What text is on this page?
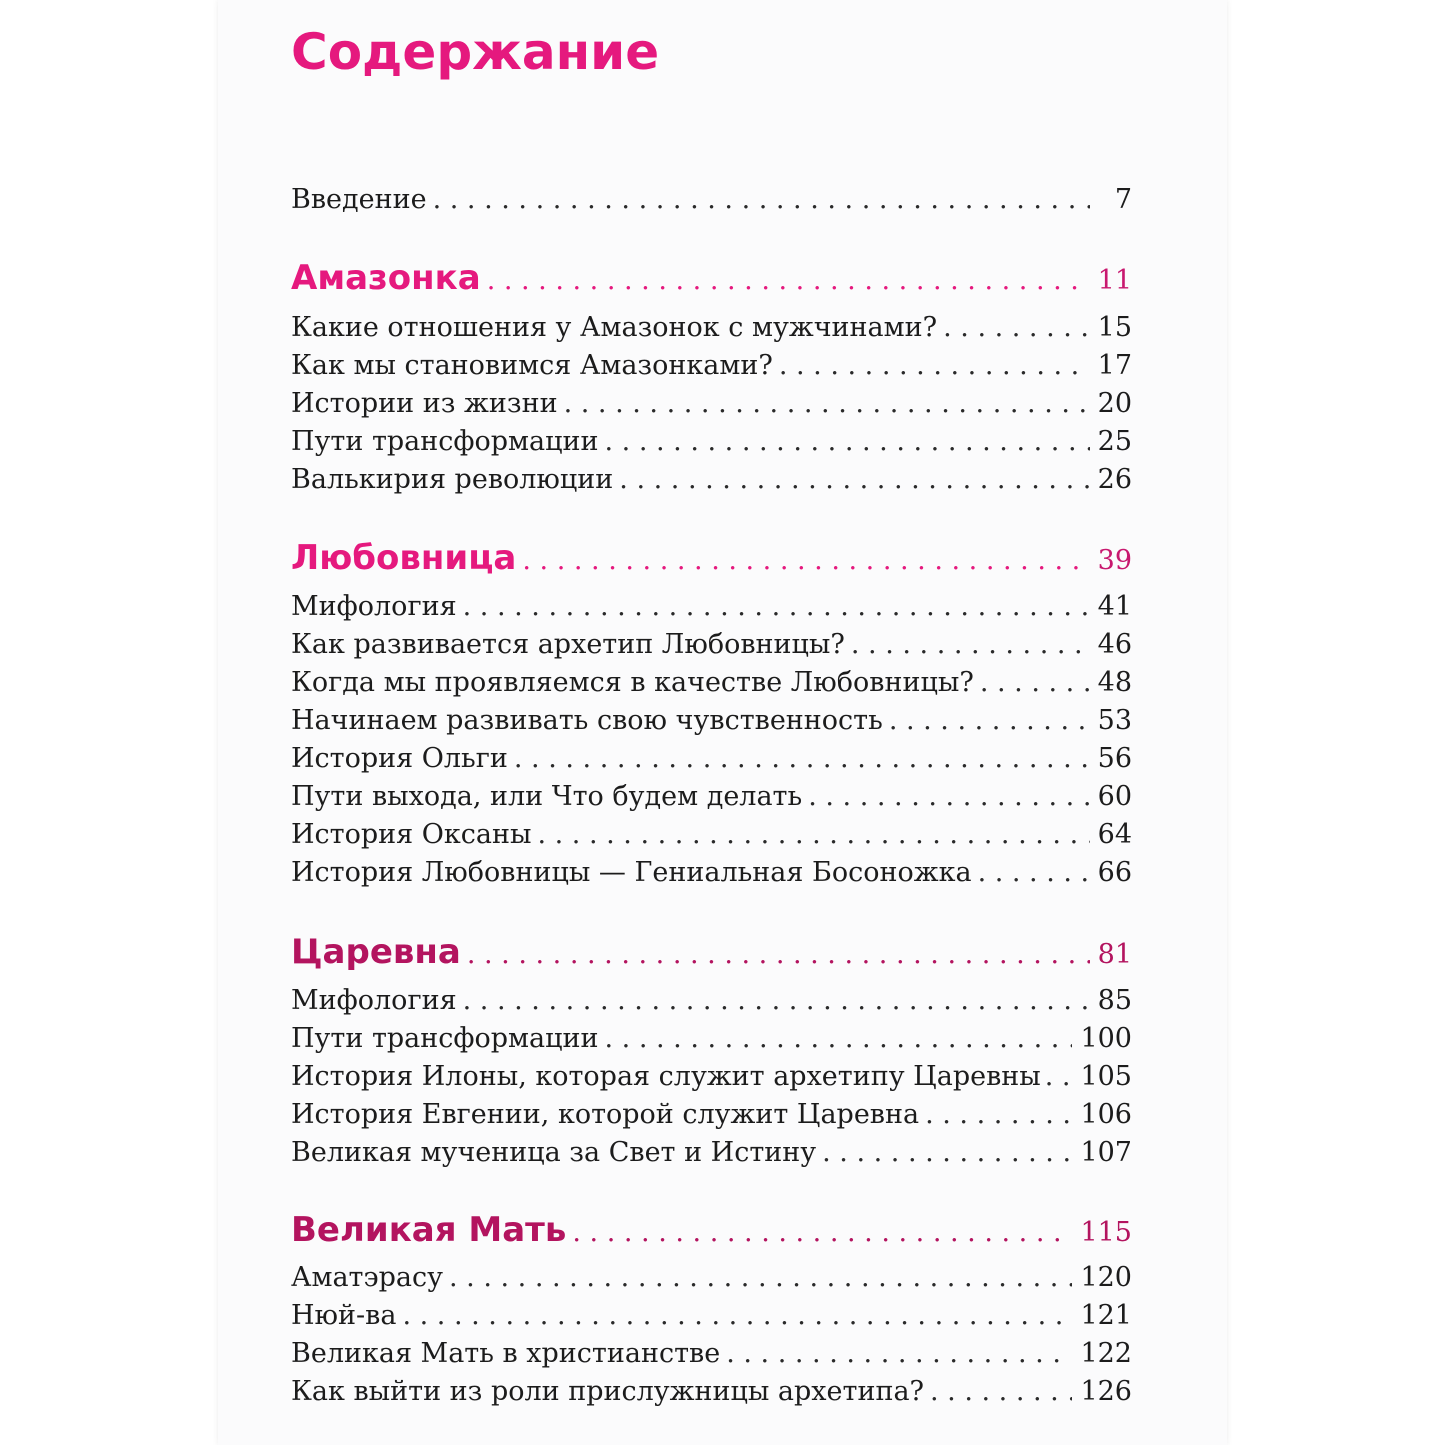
Содержание
Введение . . .	7
Амазонка . . .	11
Какие отношения у Амазонок с мужчинами? . . .	15
Как мы становимся Амазонками? . . .	17
Истории из жизни . . .	20
Пути трансформации . . .	25
Валькирия революции . . .	26
Любовница . . .	39
Мифология . . .	41
Как развивается архетип Любовницы? . . .	46
Когда мы проявляемся в качестве Любовницы? . . .	48
Начинаем развивать свою чувственность . . .	53
История Ольги . . .	56
Пути выхода, или Что будем делать . . .	60
История Оксаны . . .	64
История Любовницы — Гениальная Босоножка . . .	66
Царевна . . .	81
Мифология . . .	85
Пути трансформации . . .	100
История Илоны, которая служит архетипу Царевны . . . 105
История Евгении, которой служит Царевна . . .	106
Великая мученица за Свет и Истину . . .	107
Великая Мать . . .	115
Аматэрасу . . .	120
Нюй-ва . . .	121
Великая Мать в христианстве . . .	122
Как выйти из роли прислужницы архетипа? . . .	126
